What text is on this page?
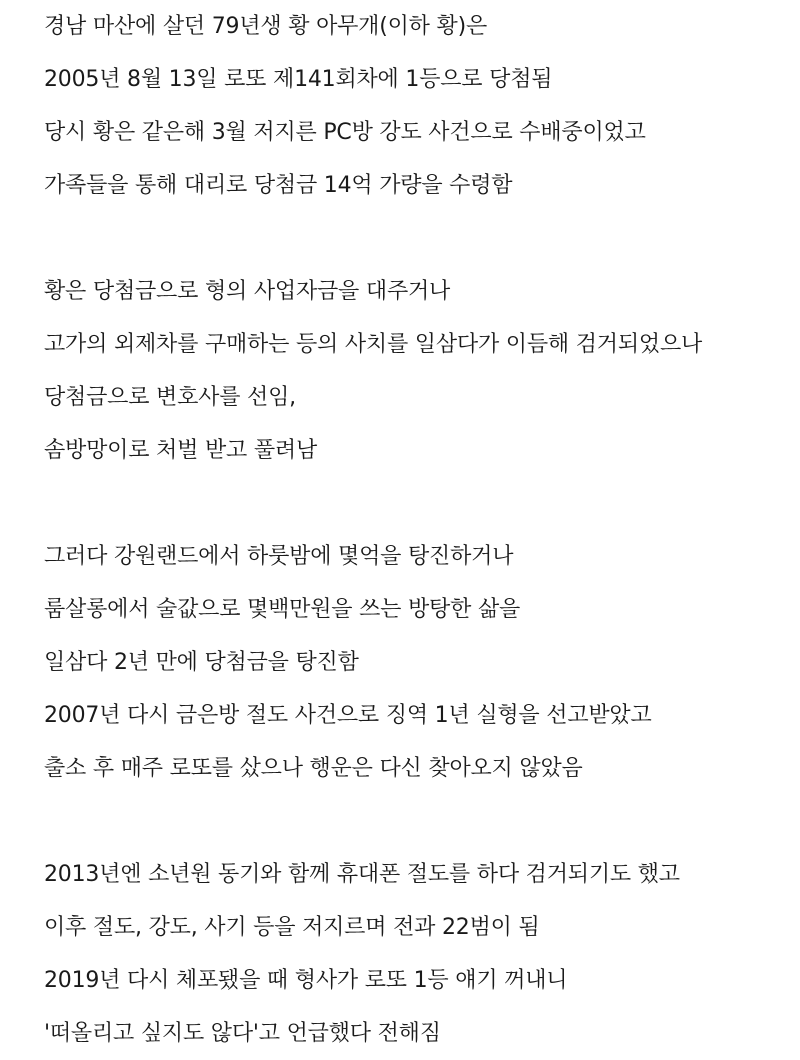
경남 마산에 살던 79년생 황 아무개(이하 황)은
2005년 8월 13일 로또 제141회차에 1등으로 당첨됨
당시 황은 같은해 3월 저지른 PC방 강도 사건으로 수배중이었고
가족들을 통해 대리로 당첨금 14억 가량을 수령함
황은 당첨금으로 형의 사업자금을 대주거나
고가의 외제차를 구매하는 등의 사치를 일삼다가 이듬해 검거되었으나
당첨금으로 변호사를 선임,
솜방망이로 처벌 받고 풀려남
그러다 강원랜드에서 하룻밤에 몇억을 탕진하거나
룸살롱에서 술값으로 몇백만원을 쓰는 방탕한 삶을
일삼다 2년 만에 당첨금을 탕진함
2007년 다시 금은방 절도 사건으로 징역 1년 실형을 선고받았고
출소 후 매주 로또를 샀으나 행운은 다신 찾아오지 않았음
2013년엔 소년원 동기와 함께 휴대폰 절도를 하다 검거되기도 했고
이후 절도, 강도, 사기 등을 저지르며 전과 22범이 됨
2019년 다시 체포됐을 때 형사가 로또 1등 얘기 꺼내니
'떠올리고 싶지도 않다'고 언급했다 전해짐
